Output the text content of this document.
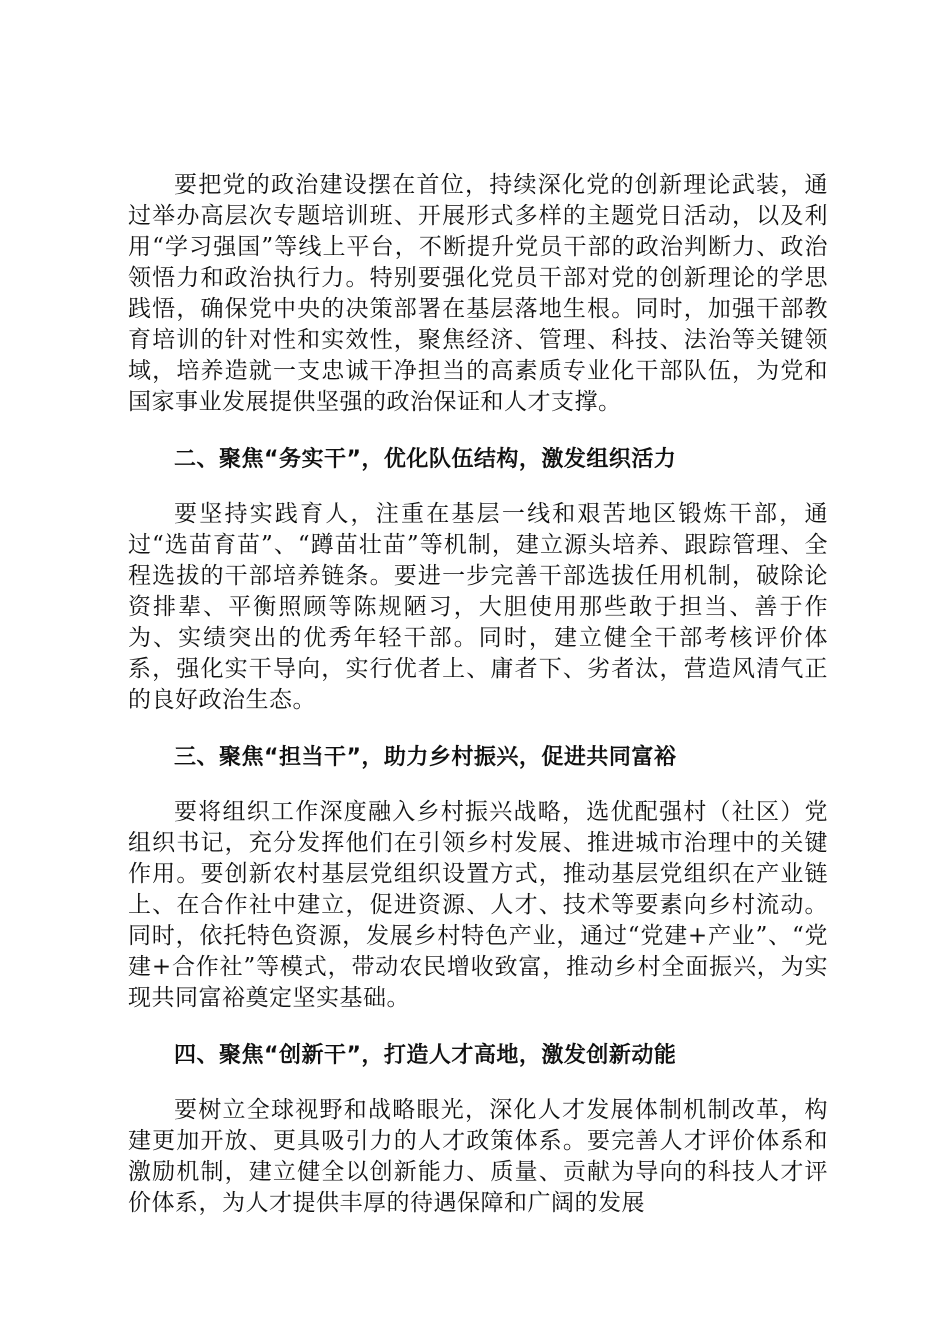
要把党的政治建设摆在首位，持续深化党的创新理论武装，通过举办高层次专题培训班、开展形式多样的主题党日活动，以及利用“学习强国”等线上平台，不断提升党员干部的政治判断力、政治领悟力和政治执行力。特别要强化党员干部对党的创新理论的学思践悟，确保党中央的决策部署在基层落地生根。同时，加强干部教育培训的针对性和实效性，聚焦经济、管理、科技、法治等关键领域，培养造就一支忠诚干净担当的高素质专业化干部队伍，为党和国家事业发展提供坚强的政治保证和人才支撑。

二、聚焦“务实干”，优化队伍结构，激发组织活力

要坚持实践育人，注重在基层一线和艰苦地区锻炼干部，通过“选苗育苗”、“蹲苗壮苗”等机制，建立源头培养、跟踪管理、全程选拔的干部培养链条。要进一步完善干部选拔任用机制，破除论资排辈、平衡照顾等陈规陋习，大胆使用那些敢于担当、善于作为、实绩突出的优秀年轻干部。同时，建立健全干部考核评价体系，强化实干导向，实行优者上、庸者下、劣者汰，营造风清气正的良好政治生态。

三、聚焦“担当干”，助力乡村振兴，促进共同富裕

要将组织工作深度融入乡村振兴战略，选优配强村（社区）党组织书记，充分发挥他们在引领乡村发展、推进城市治理中的关键作用。要创新农村基层党组织设置方式，推动基层党组织在产业链上、在合作社中建立，促进资源、人才、技术等要素向乡村流动。同时，依托特色资源，发展乡村特色产业，通过“党建+产业”、“党建+合作社”等模式，带动农民增收致富，推动乡村全面振兴，为实现共同富裕奠定坚实基础。

四、聚焦“创新干”，打造人才高地，激发创新动能

要树立全球视野和战略眼光，深化人才发展体制机制改革，构建更加开放、更具吸引力的人才政策体系。要完善人才评价体系和激励机制，建立健全以创新能力、质量、贡献为导向的科技人才评价体系，为人才提供丰厚的待遇保障和广阔的发展
